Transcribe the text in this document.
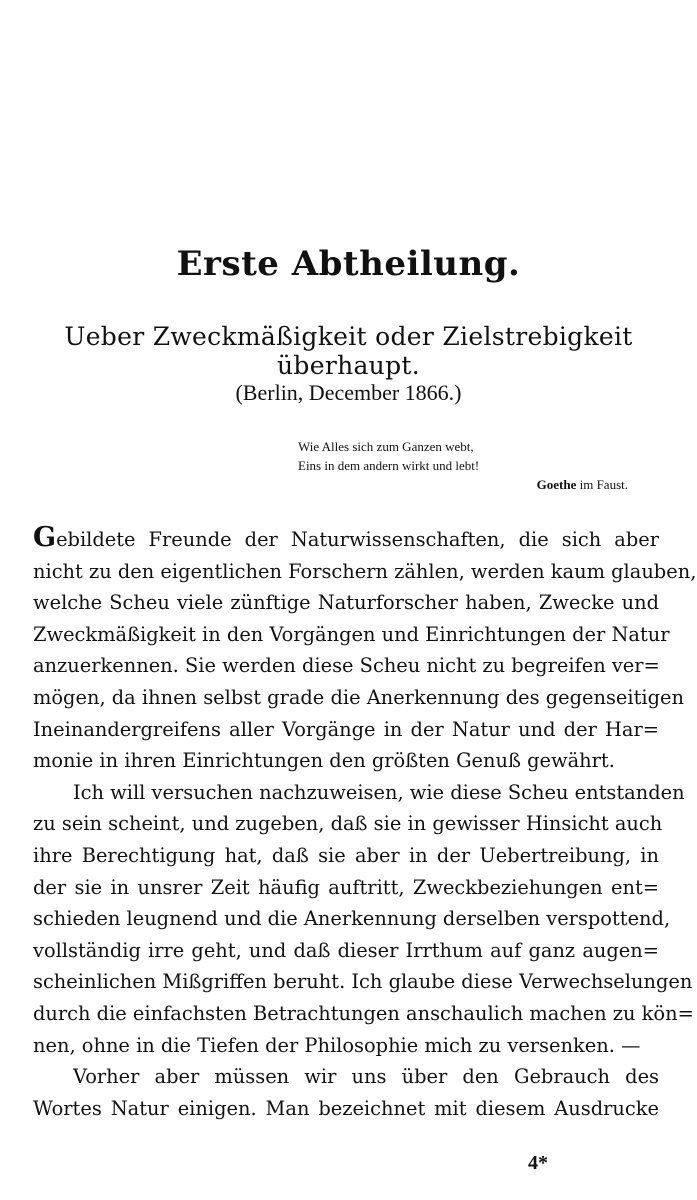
Erste Abtheilung.
Ueber Zweckmäßigkeit oder Zielstrebigkeit überhaupt.
(Berlin, December 1866.)
Wie Alles sich zum Ganzen webt,
Eins in dem andern wirkt und lebt!
Goethe im Faust.
Gebildete Freunde der Naturwissenschaften, die sich aber
nicht zu den eigentlichen Forschern zählen, werden kaum glauben,
welche Scheu viele zünftige Naturforscher haben, Zwecke und
Zweckmäßigkeit in den Vorgängen und Einrichtungen der Natur
anzuerkennen. Sie werden diese Scheu nicht zu begreifen ver=
mögen, da ihnen selbst grade die Anerkennung des gegenseitigen
Ineinandergreifens aller Vorgänge in der Natur und der Har=
monie in ihren Einrichtungen den größten Genuß gewährt.
Ich will versuchen nachzuweisen, wie diese Scheu entstanden
zu sein scheint, und zugeben, daß sie in gewisser Hinsicht auch
ihre Berechtigung hat, daß sie aber in der Uebertreibung, in
der sie in unsrer Zeit häufig auftritt, Zweckbeziehungen ent=
schieden leugnend und die Anerkennung derselben verspottend,
vollständig irre geht, und daß dieser Irrthum auf ganz augen=
scheinlichen Mißgriffen beruht. Ich glaube diese Verwechselungen
durch die einfachsten Betrachtungen anschaulich machen zu kön=
nen, ohne in die Tiefen der Philosophie mich zu versenken. —
Vorher aber müssen wir uns über den Gebrauch des
Wortes Natur einigen. Man bezeichnet mit diesem Ausdrucke
4*
